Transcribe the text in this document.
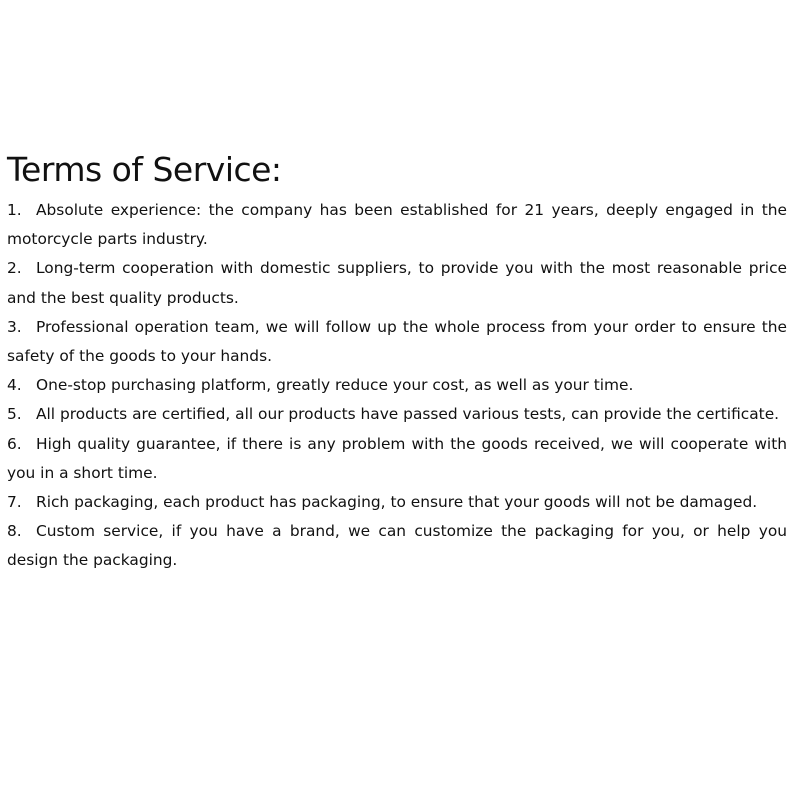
Terms of Service:
1. Absolute experience: the company has been established for 21 years, deeply engaged in the motorcycle parts industry.
2. Long-term cooperation with domestic suppliers, to provide you with the most reasonable price and the best quality products.
3. Professional operation team, we will follow up the whole process from your order to ensure the safety of the goods to your hands.
4. One-stop purchasing platform, greatly reduce your cost, as well as your time.
5. All products are certified, all our products have passed various tests, can provide the certificate.
6. High quality guarantee, if there is any problem with the goods received, we will cooperate with you in a short time.
7. Rich packaging, each product has packaging, to ensure that your goods will not be damaged.
8. Custom service, if you have a brand, we can customize the packaging for you, or help you design the packaging.
